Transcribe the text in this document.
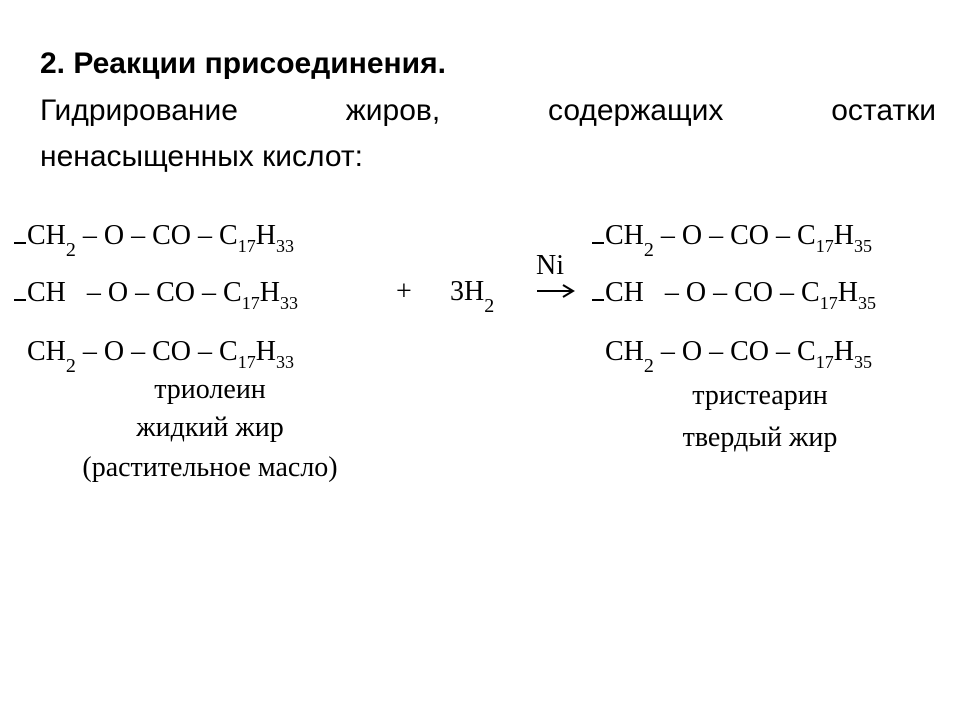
2. Реакции присоединения.
Гидрирование	жиров,	содержащих	остатки
ненасыщенных кислот:
$CH_2$ – O – CO – $C_{17}H_{33}$
CH – O – CO – $C_{17}H_{33}$
$CH_2$ – O – CO – $C_{17}H_{33}$
триолеин
жидкий жир
(растительное масло)
+ $3H_2$
Ni
$CH_2$ – O – CO – $C_{17}H_{35}$
CH – O – CO – $C_{17}H_{35}$
$CH_2$ – O – CO – $C_{17}H_{35}$
тристеарин
твердый жир
